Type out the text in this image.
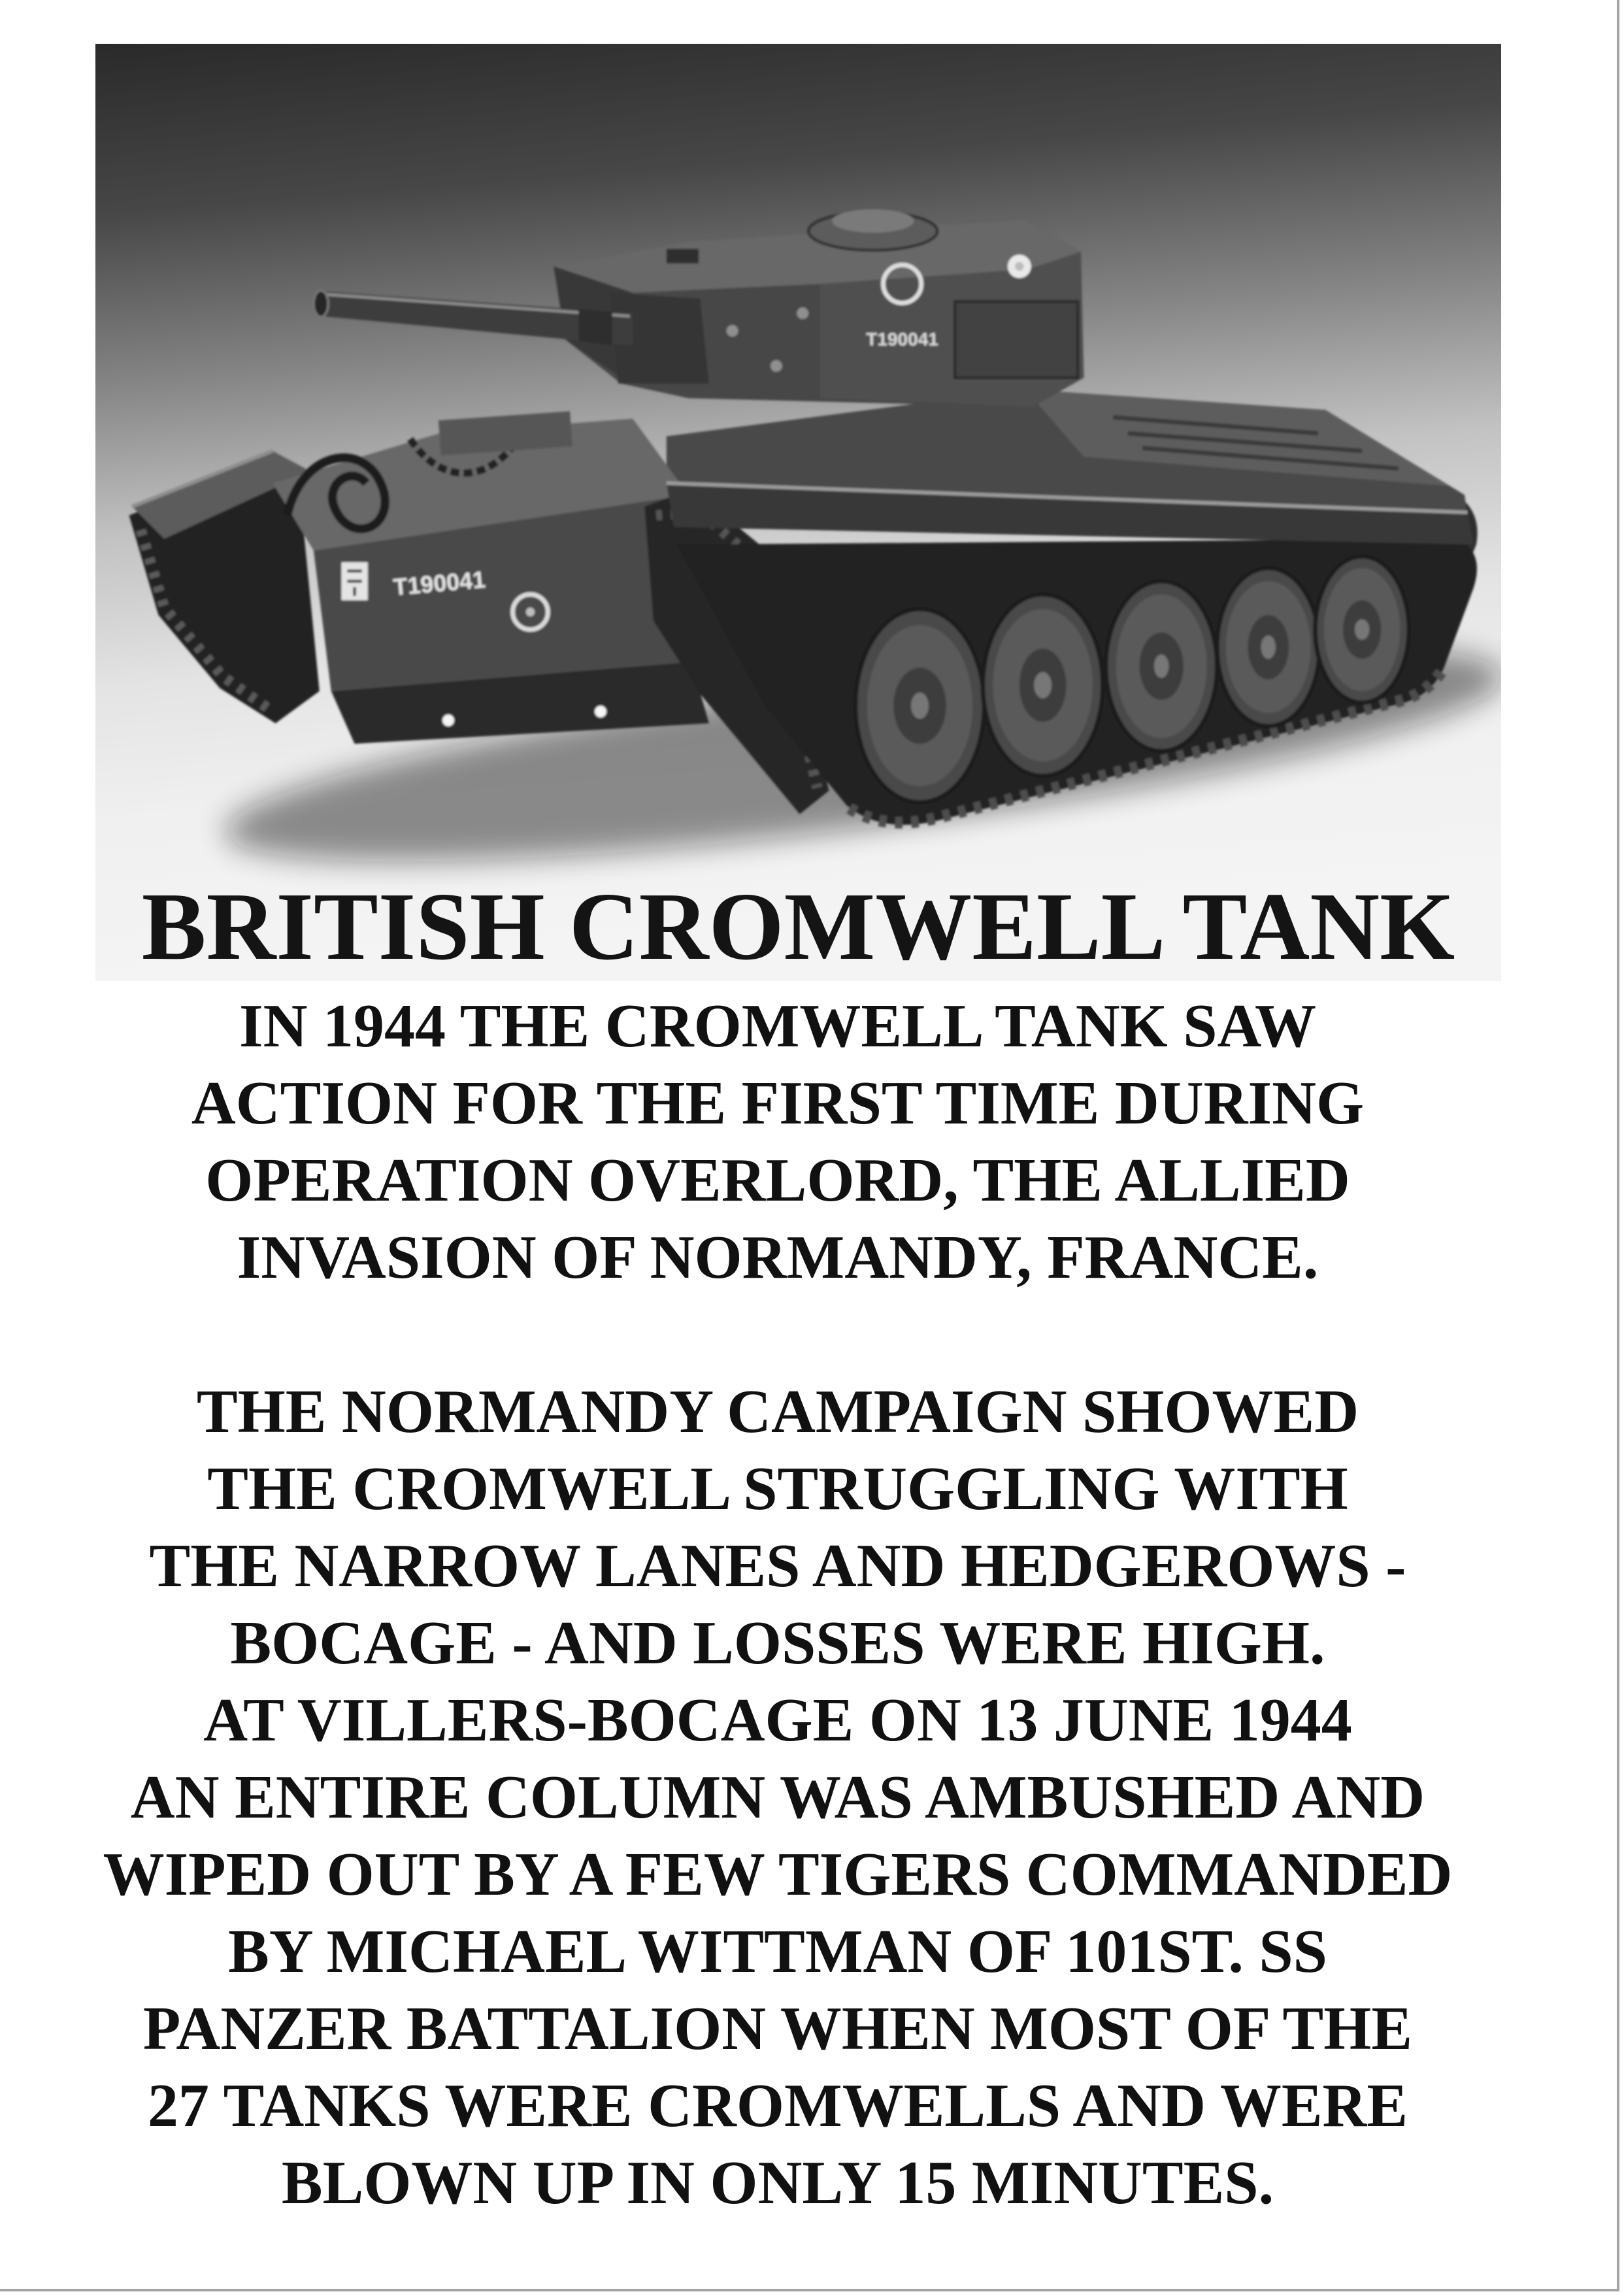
T190041
T190041
BRITISH CROMWELL TANK
IN 1944 THE CROMWELL TANK SAW
ACTION FOR THE FIRST TIME DURING
OPERATION OVERLORD, THE ALLIED
INVASION OF NORMANDY, FRANCE.
THE NORMANDY CAMPAIGN SHOWED
THE CROMWELL STRUGGLING WITH
THE NARROW LANES AND HEDGEROWS -
BOCAGE - AND LOSSES WERE HIGH.
AT VILLERS-BOCAGE ON 13 JUNE 1944
AN ENTIRE COLUMN WAS AMBUSHED AND
WIPED OUT BY A FEW TIGERS COMMANDED
BY MICHAEL WITTMAN OF 101ST. SS
PANZER BATTALION WHEN MOST OF THE
27 TANKS WERE CROMWELLS AND WERE
BLOWN UP IN ONLY 15 MINUTES.
